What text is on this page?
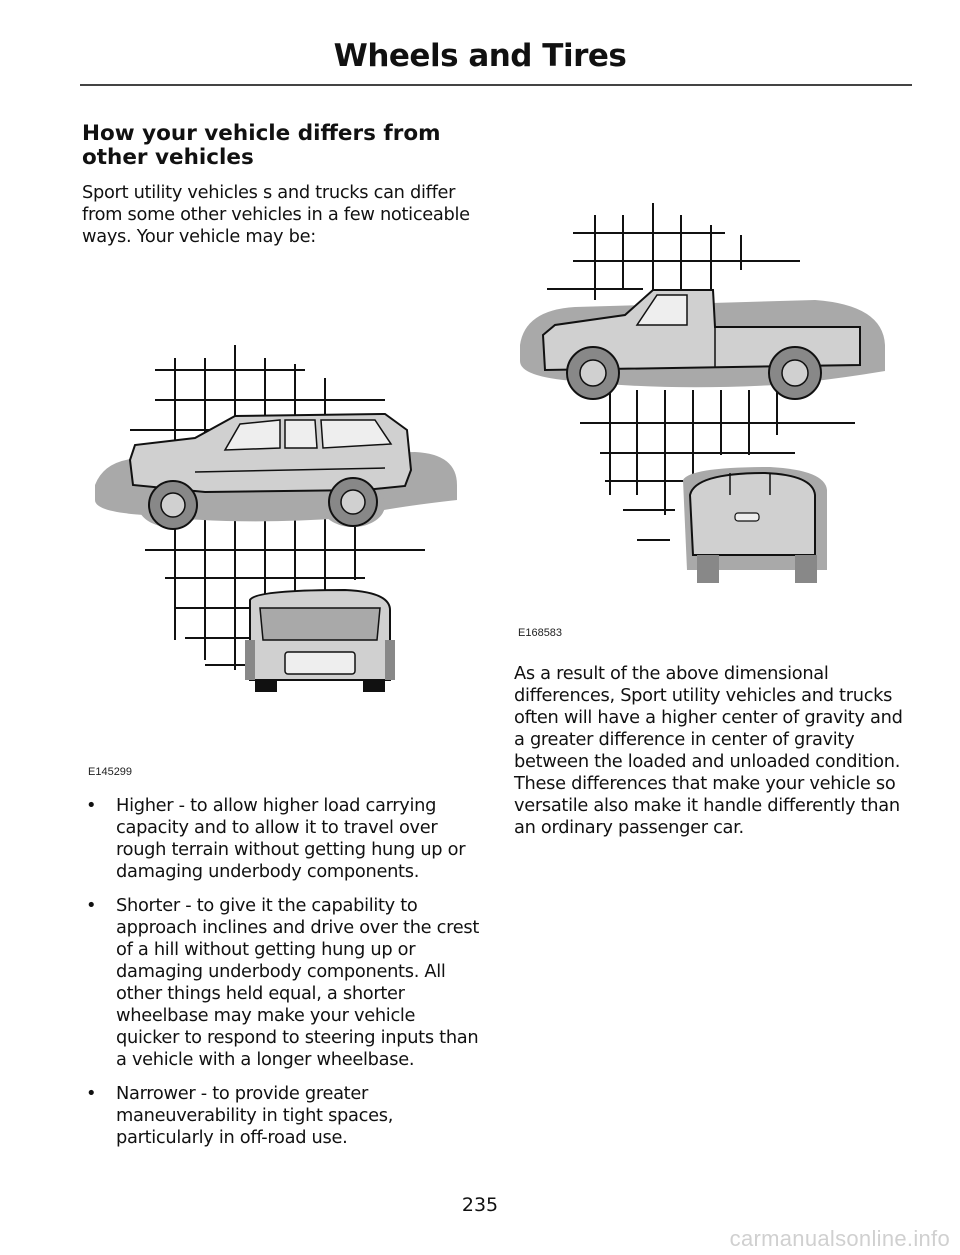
Wheels and Tires
How your vehicle differs from other vehicles
Sport utility vehicles s and trucks can differ from some other vehicles in a few noticeable ways. Your vehicle may be:
E145299
E168583
• Higher - to allow higher load carrying capacity and to allow it to travel over rough terrain without getting hung up or damaging underbody components.
• Shorter - to give it the capability to approach inclines and drive over the crest of a hill without getting hung up or damaging underbody components. All other things held equal, a shorter wheelbase may make your vehicle quicker to respond to steering inputs than a vehicle with a longer wheelbase.
• Narrower - to provide greater maneuverability in tight spaces, particularly in off-road use.
As a result of the above dimensional differences, Sport utility vehicles and trucks often will have a higher center of gravity and a greater difference in center of gravity between the loaded and unloaded condition. These differences that make your vehicle so versatile also make it handle differently than an ordinary passenger car.
235
carmanualsonline.info
